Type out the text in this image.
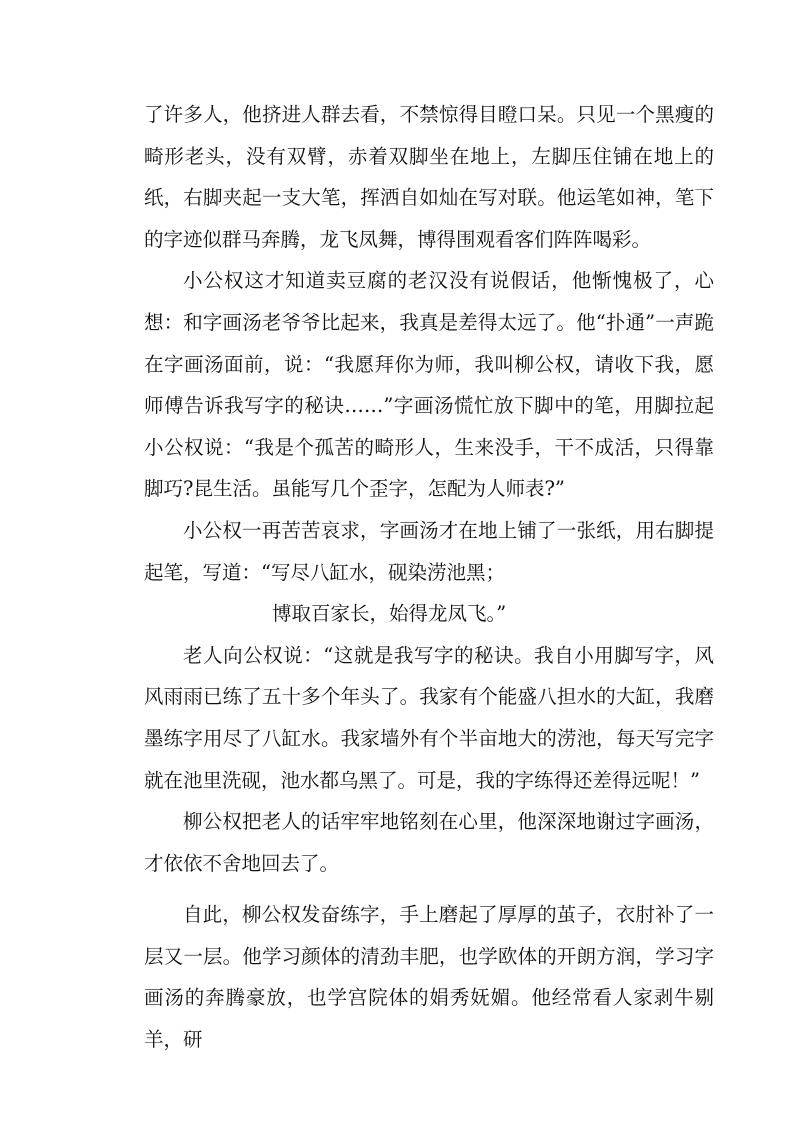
了许多人，他挤进人群去看，不禁惊得目瞪口呆。只见一个黑瘦的畸形老头，没有双臂，赤着双脚坐在地上，左脚压住铺在地上的纸，右脚夹起一支大笔，挥洒自如灿在写对联。他运笔如神，笔下的字迹似群马奔腾，龙飞凤舞，博得围观看客们阵阵喝彩。

小公权这才知道卖豆腐的老汉没有说假话，他惭愧极了，心想：和字画汤老爷爷比起来，我真是差得太远了。他“扑通”一声跪在字画汤面前，说：“我愿拜你为师，我叫柳公权，请收下我，愿师傅告诉我写字的秘诀……”字画汤慌忙放下脚中的笔，用脚拉起小公权说：“我是个孤苦的畸形人，生来没手，干不成活，只得靠脚巧?昆生活。虽能写几个歪字，怎配为人师表?”

小公权一再苦苦哀求，字画汤才在地上铺了一张纸，用右脚提起笔，写道：“写尽八缸水，砚染涝池黑；

博取百家长，始得龙凤飞。”

老人向公权说：“这就是我写字的秘诀。我自小用脚写字，风风雨雨已练了五十多个年头了。我家有个能盛八担水的大缸，我磨墨练字用尽了八缸水。我家墙外有个半亩地大的涝池，每天写完字就在池里洗砚，池水都乌黑了。可是，我的字练得还差得远呢！”

柳公权把老人的话牢牢地铭刻在心里，他深深地谢过字画汤，才依依不舍地回去了。

自此，柳公权发奋练字，手上磨起了厚厚的茧子，衣肘补了一层又一层。他学习颜体的清劲丰肥，也学欧体的开朗方润，学习字画汤的奔腾豪放，也学宫院体的娟秀妩媚。他经常看人家剥牛剔羊，研
